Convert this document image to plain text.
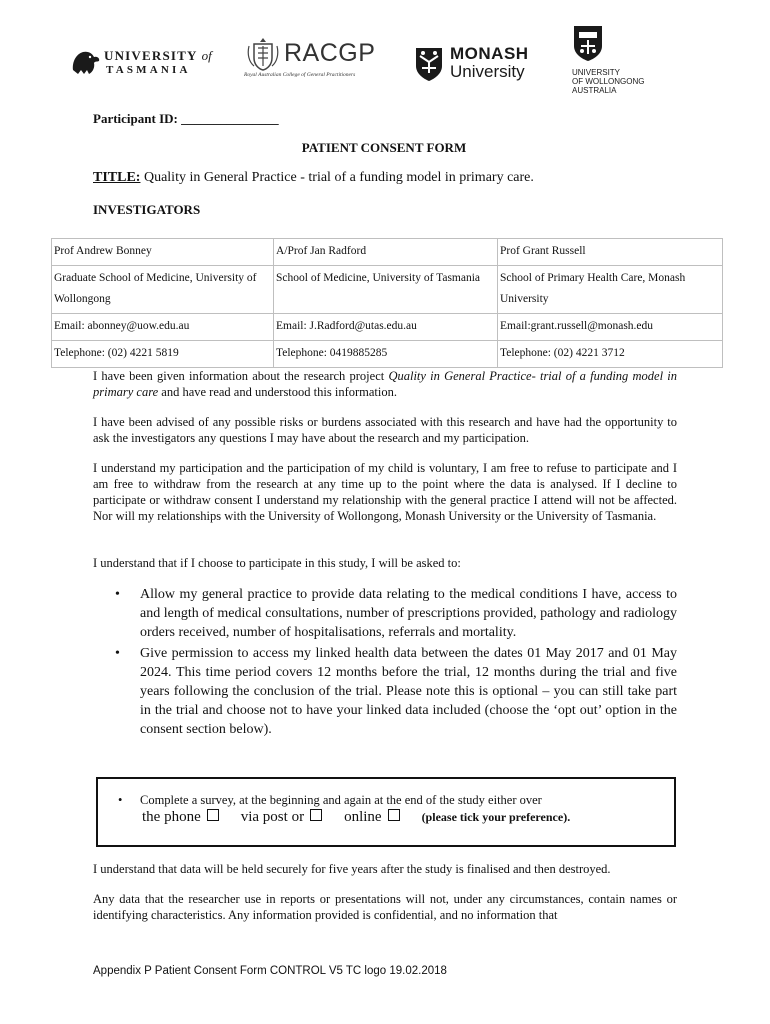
UNIVERSITY of
TASMANIA
RACGP
Royal Australian College of General Practitioners
MONASH
University	UNIVERSITY
OF WOLLONGONG
AUSTRALIA
Participant ID: _______________
PATIENT CONSENT FORM
TITLE: Quality in General Practice - trial of a funding model in primary care.
INVESTIGATORS
Prof Andrew Bonney	A/Prof Jan Radford	Prof Grant Russell
Graduate School of Medicine, University of Wollongong	School of Medicine, University of Tasmania	School of Primary Health Care, Monash University
Email: abonney@uow.edu.au	Email: J.Radford@utas.edu.au	Email:grant.russell@monash.edu
Telephone: (02) 4221 5819	Telephone: 0419885285	Telephone: (02) 4221 3712
I have been given information about the research project Quality in General Practice- trial of a funding model in primary care and have read and understood this information.
I have been advised of any possible risks or burdens associated with this research and have had the opportunity to ask the investigators any questions I may have about the research and my participation.
I understand my participation and the participation of my child is voluntary, I am free to refuse to participate and I am free to withdraw from the research at any time up to the point where the data is analysed. If I decline to participate or withdraw consent I understand my relationship with the general practice I attend will not be affected. Nor will my relationships with the University of Wollongong, Monash University or the University of Tasmania.
I understand that if I choose to participate in this study, I will be asked to:
• Allow my general practice to provide data relating to the medical conditions I have, access to and length of medical consultations, number of prescriptions provided, pathology and radiology orders received, number of hospitalisations, referrals and mortality.
• Give permission to access my linked health data between the dates 01 May 2017 and 01 May 2024. This time period covers 12 months before the trial, 12 months during the trial and five years following the conclusion of the trial. Please note this is optional – you can still take part in the trial and choose not to have your linked data included (choose the ‘opt out’ option in the consent section below).
• Complete a survey, at the beginning and again at the end of the study either over
the phone	via post or	online	(please tick your preference).
I understand that data will be held securely for five years after the study is finalised and then destroyed.
Any data that the researcher use in reports or presentations will not, under any circumstances, contain names or identifying characteristics. Any information provided is confidential, and no information that
Appendix P Patient Consent Form CONTROL V5 TC logo 19.02.2018
